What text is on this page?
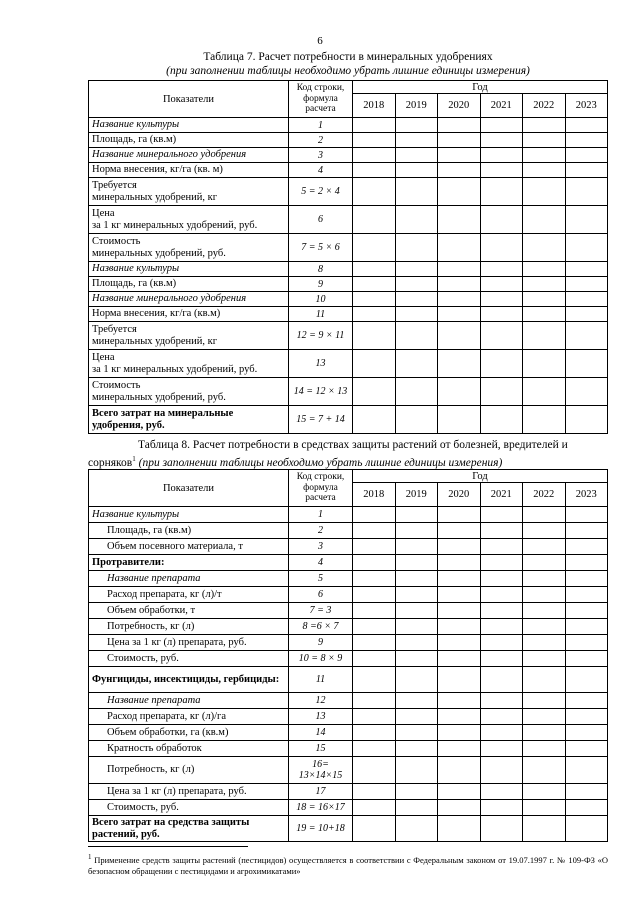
6
Таблица 7. Расчет потребности в минеральных удобрениях
(при заполнении таблицы необходимо убрать лишние единицы измерения)
Показатели	Код строки, формула расчета	Год					
		2018	2019	2020	2021	2022	2023
Название культуры	1						
Площадь, га (кв.м)	2						
Название минерального удобрения	3						
Норма внесения, кг/га (кв. м)	4						
Требуется
минеральных удобрений, кг	5 = 2 × 4						
Цена
за 1 кг минеральных удобрений, руб.	6						
Стоимость
минеральных удобрений, руб.	7 = 5 × 6						
Название культуры	8						
Площадь, га (кв.м)	9						
Название минерального удобрения	10						
Норма внесения, кг/га (кв.м)	11						
Требуется
минеральных удобрений, кг	12 = 9 × 11						
Цена
за 1 кг минеральных удобрений, руб.	13						
Стоимость
минеральных удобрений, руб.	14 = 12 × 13						
Всего затрат на минеральные удобрения, руб.	15 = 7 + 14						
Таблица 8. Расчет потребности в средствах защиты растений от болезней, вредителей и
сорняков$^1$ (при заполнении таблицы необходимо убрать лишние единицы измерения)
Показатели	Код строки, формула расчета	Год					
		2018	2019	2020	2021	2022	2023
Название культуры	1						
Площадь, га (кв.м)	2						
Объем посевного материала, т	3						
Протравители:	4						
Название препарата	5						
Расход препарата, кг (л)/т	6						
Объем обработки, т	7 = 3						
Потребность, кг (л)	8 =6 × 7						
Цена за 1 кг (л) препарата, руб.	9						
Стоимость, руб.	10 = 8 × 9						
Фунгициды, инсектициды, гербициды:	11						
Название препарата	12						
Расход препарата, кг (л)/га	13						
Объем обработки, га (кв.м)	14						
Кратность обработок	15						
Потребность, кг (л)	16=
13×14×15						
Цена за 1 кг (л) препарата, руб.	17						
Стоимость, руб.	18 = 16×17						
Всего затрат на средства защиты растений, руб.	19 = 10+18						
$^1$ Применение средств защиты растений (пестицидов) осуществляется в соответствии с Федеральным законом от 19.07.1997 г. № 109-ФЗ «О безопасном обращении с пестицидами и агрохимикатами»
